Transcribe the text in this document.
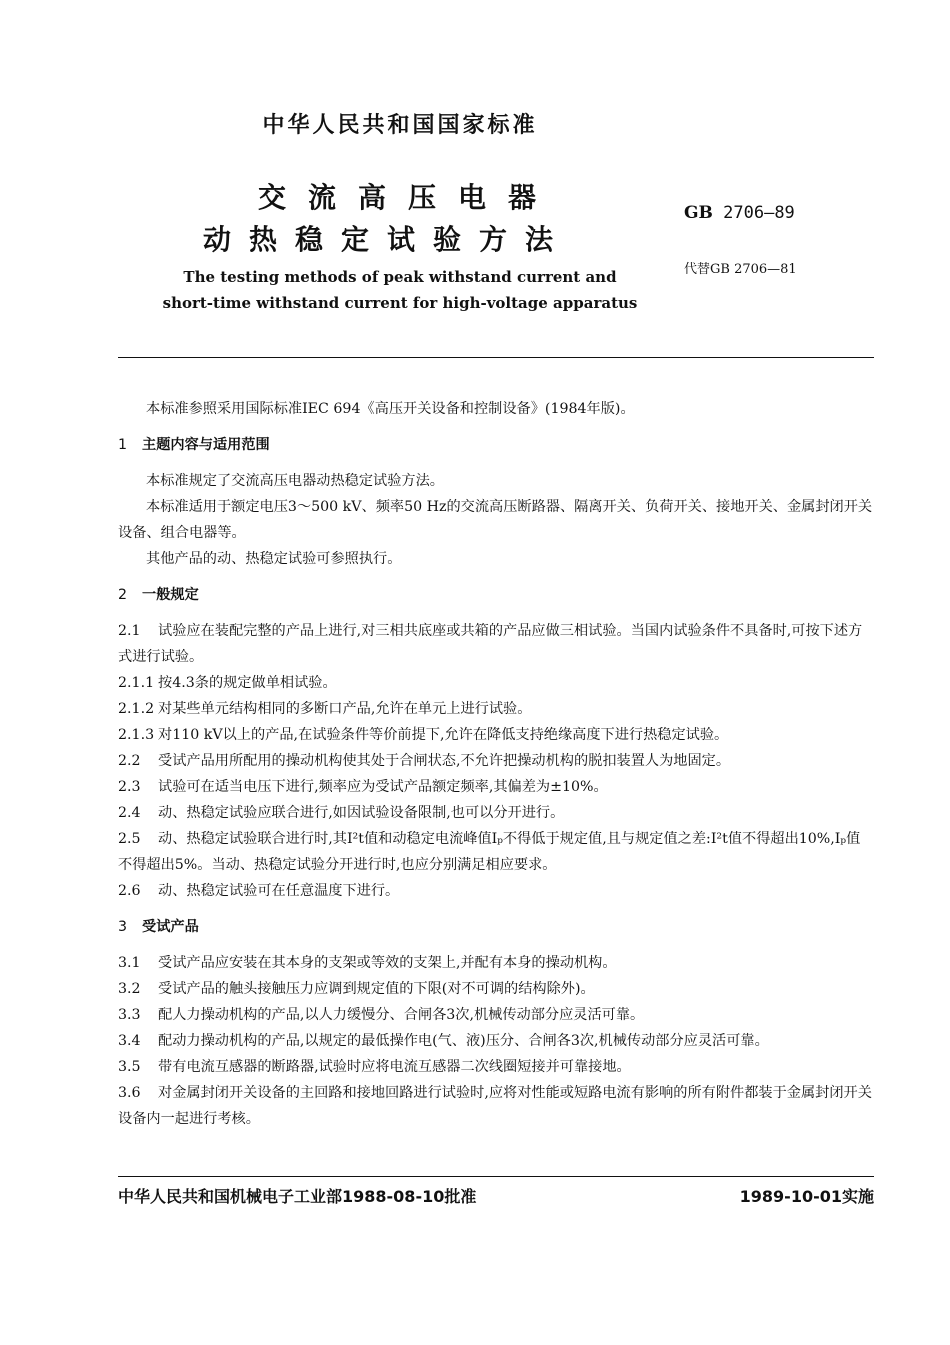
中华人民共和国国家标准
交流高压电器
动热稳定试验方法
The testing methods of peak withstand current and
short-time withstand current for high-voltage apparatus
GB 2706—89
代替GB 2706—81

本标准参照采用国际标准IEC 694《高压开关设备和控制设备》(1984年版)。

1 主题内容与适用范围

本标准规定了交流高压电器动热稳定试验方法。

本标准适用于额定电压3～500 kV、频率50 Hz的交流高压断路器、隔离开关、负荷开关、接地开关、金属封闭开关设备、组合电器等。

其他产品的动、热稳定试验可参照执行。

2 一般规定

2.1 试验应在装配完整的产品上进行,对三相共底座或共箱的产品应做三相试验。当国内试验条件不具备时,可按下述方式进行试验。

2.1.1 按4.3条的规定做单相试验。

2.1.2 对某些单元结构相同的多断口产品,允许在单元上进行试验。

2.1.3 对110 kV以上的产品,在试验条件等价前提下,允许在降低支持绝缘高度下进行热稳定试验。

2.2 受试产品用所配用的操动机构使其处于合闸状态,不允许把操动机构的脱扣装置人为地固定。

2.3 试验可在适当电压下进行,频率应为受试产品额定频率,其偏差为±10%。

2.4 动、热稳定试验应联合进行,如因试验设备限制,也可以分开进行。

2.5 动、热稳定试验联合进行时,其I²t值和动稳定电流峰值Iₚ不得低于规定值,且与规定值之差:I²t值不得超出10%,Iₚ值不得超出5%。当动、热稳定试验分开进行时,也应分别满足相应要求。

2.6 动、热稳定试验可在任意温度下进行。

3 受试产品

3.1 受试产品应安装在其本身的支架或等效的支架上,并配有本身的操动机构。

3.2 受试产品的触头接触压力应调到规定值的下限(对不可调的结构除外)。

3.3 配人力操动机构的产品,以人力缓慢分、合闸各3次,机械传动部分应灵活可靠。

3.4 配动力操动机构的产品,以规定的最低操作电(气、液)压分、合闸各3次,机械传动部分应灵活可靠。

3.5 带有电流互感器的断路器,试验时应将电流互感器二次线圈短接并可靠接地。

3.6 对金属封闭开关设备的主回路和接地回路进行试验时,应将对性能或短路电流有影响的所有附件都装于金属封闭开关设备内一起进行考核。

中华人民共和国机械电子工业部1988-08-10批准	1989-10-01实施
